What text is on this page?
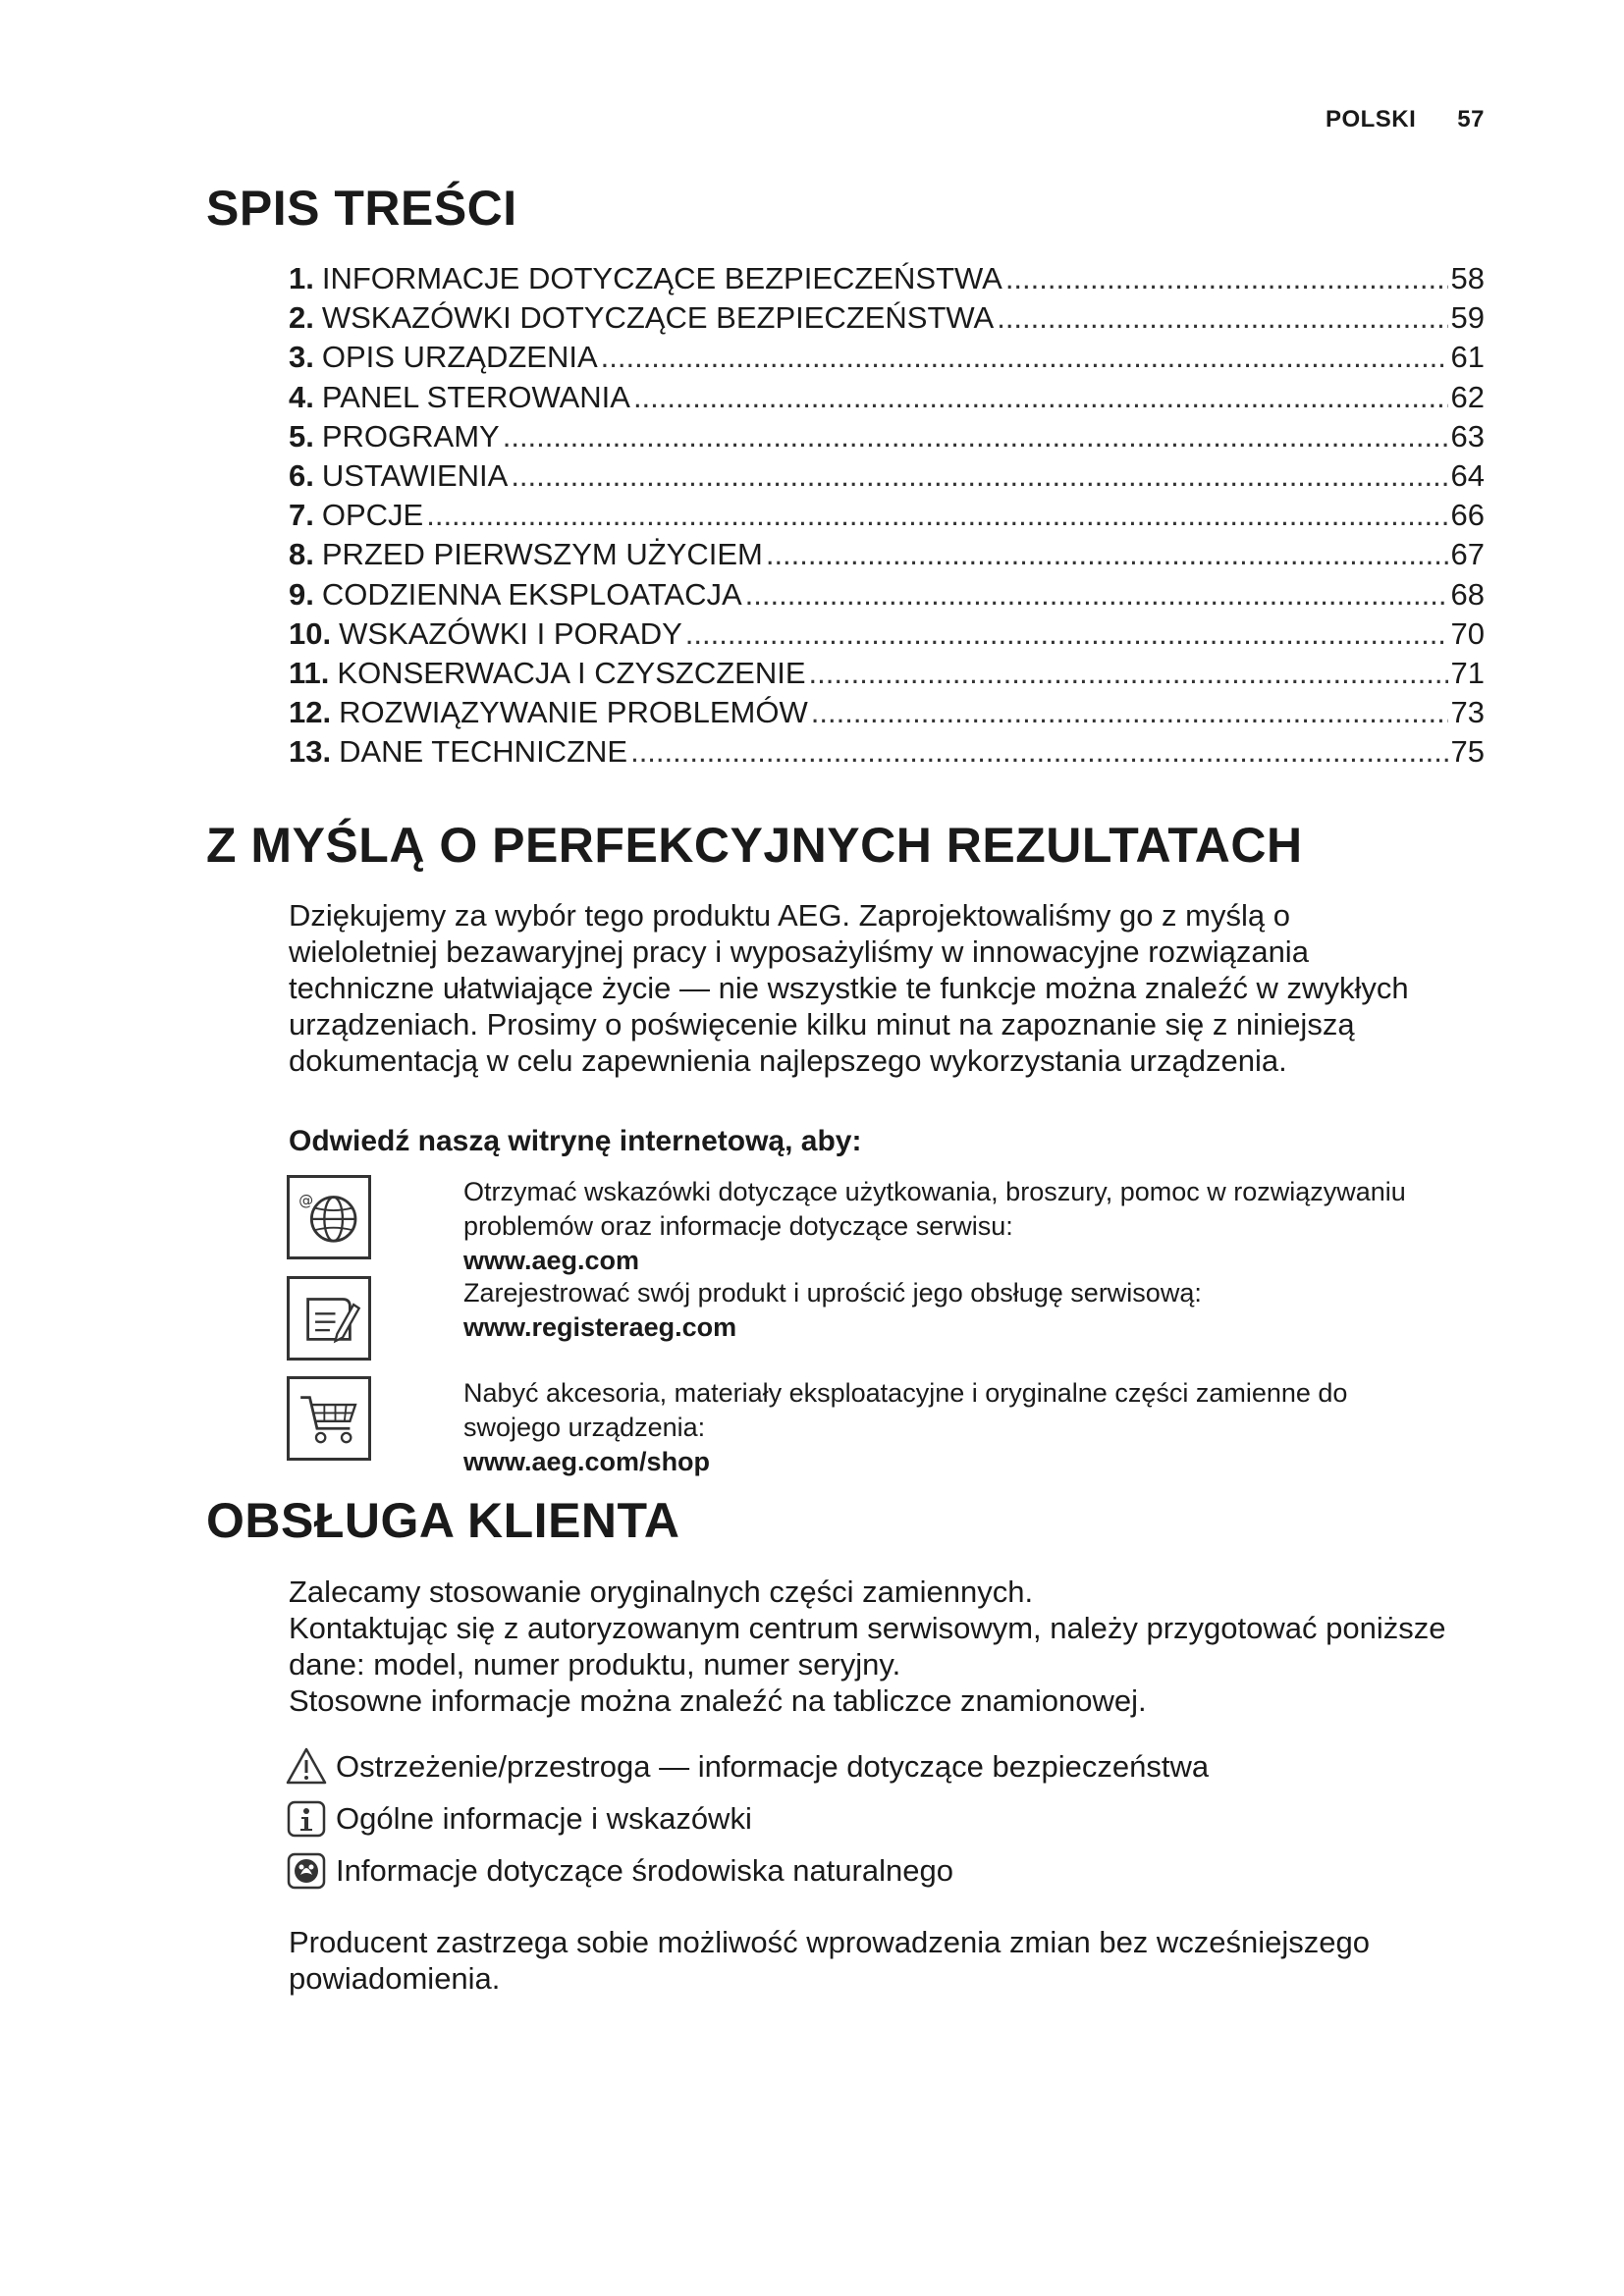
POLSKI 57
SPIS TREŚCI
1. INFORMACJE DOTYCZĄCE BEZPIECZEŃSTWA .....	58
2. WSKAZÓWKI DOTYCZĄCE BEZPIECZEŃSTWA .....	59
3. OPIS URZĄDZENIA .....	61
4. PANEL STEROWANIA .....	62
5. PROGRAMY .....	63
6. USTAWIENIA .....	64
7. OPCJE .....	66
8. PRZED PIERWSZYM UŻYCIEM .....	67
9. CODZIENNA EKSPLOATACJA .....	68
10. WSKAZÓWKI I PORADY .....	70
11. KONSERWACJA I CZYSZCZENIE .....	71
12. ROZWIĄZYWANIE PROBLEMÓW .....	73
13. DANE TECHNICZNE .....	75
Z MYŚLĄ O PERFEKCYJNYCH REZULTATACH
Dziękujemy za wybór tego produktu AEG. Zaprojektowaliśmy go z myślą o wieloletniej bezawaryjnej pracy i wyposażyliśmy w innowacyjne rozwiązania techniczne ułatwiające życie — nie wszystkie te funkcje można znaleźć w zwykłych urządzeniach. Prosimy o poświęcenie kilku minut na zapoznanie się z niniejszą dokumentacją w celu zapewnienia najlepszego wykorzystania urządzenia.
Odwiedź naszą witrynę internetową, aby:
@	Otrzymać wskazówki dotyczące użytkowania, broszury, pomoc w rozwiązywaniu problemów oraz informacje dotyczące serwisu:
www.aeg.com
Zarejestrować swój produkt i uprościć jego obsługę serwisową:
www.registeraeg.com
Nabyć akcesoria, materiały eksploatacyjne i oryginalne części zamienne do swojego urządzenia:
www.aeg.com/shop
OBSŁUGA KLIENTA

Zalecamy stosowanie oryginalnych części zamiennych.

Kontaktując się z autoryzowanym centrum serwisowym, należy przygotować poniższe dane: model, numer produktu, numer seryjny.

Stosowne informacje można znaleźć na tabliczce znamionowej.

Ostrzeżenie/przestroga — informacje dotyczące bezpieczeństwa
Ogólne informacje i wskazówki
Informacje dotyczące środowiska naturalnego
Producent zastrzega sobie możliwość wprowadzenia zmian bez wcześniejszego powiadomienia.
